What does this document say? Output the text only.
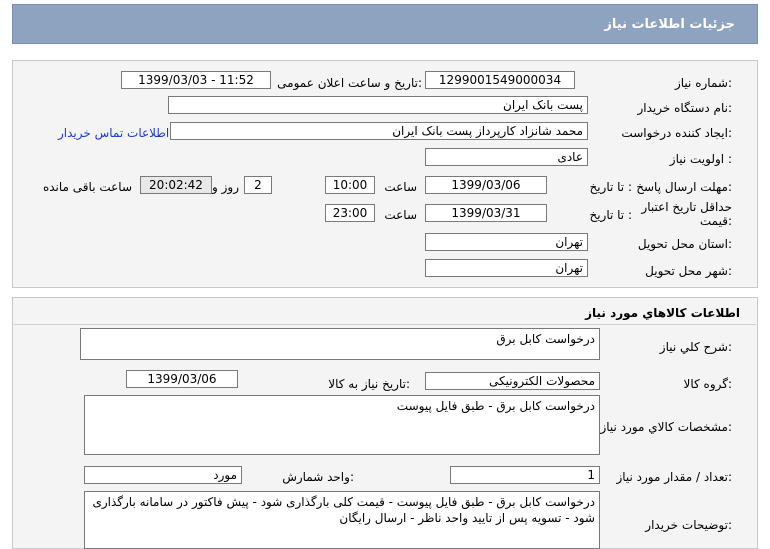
جزئیات اطلاعات نیاز
شماره نیاز:
1299001549000034
تاریخ و ساعت اعلان عمومی:
1399/03/03 - 11:52
نام دستگاه خریدار:
پست بانک ایران
ایجاد کننده درخواست:
محمد شانزاد کارپرداز پست بانک ایران
اطلاعات تماس خریدار
اولویت نیاز :
عادی
مهلت ارسال پاسخ:
تا تاریخ :
1399/03/06
ساعت
10:00
2
روز و
20:02:42
ساعت باقی مانده
حداقل تاریخ اعتبار
قیمت:
تا تاریخ :
1399/03/31
ساعت
23:00
استان محل تحویل:
تهران
شهر محل تحویل:
تهران
اطلاعات کالاهاي مورد نياز
شرح کلي نياز:
درخواست کابل برق
گروه کالا:
محصولات الکترونیکی
تاریخ نیاز به کالا:
1399/03/06
مشخصات کالاي مورد نياز:
درخواست کابل برق - طبق فایل پیوست
تعداد / مقدار مورد نیاز:
1
واحد شمارش:
مورد
توضیحات خریدار:
درخواست کابل برق - طبق فایل پیوست - قیمت کلی بارگذاری شود - پیش فاکتور در سامانه بارگذاری شود - تسویه پس از تایید واحد ناظر - ارسال رایگان
